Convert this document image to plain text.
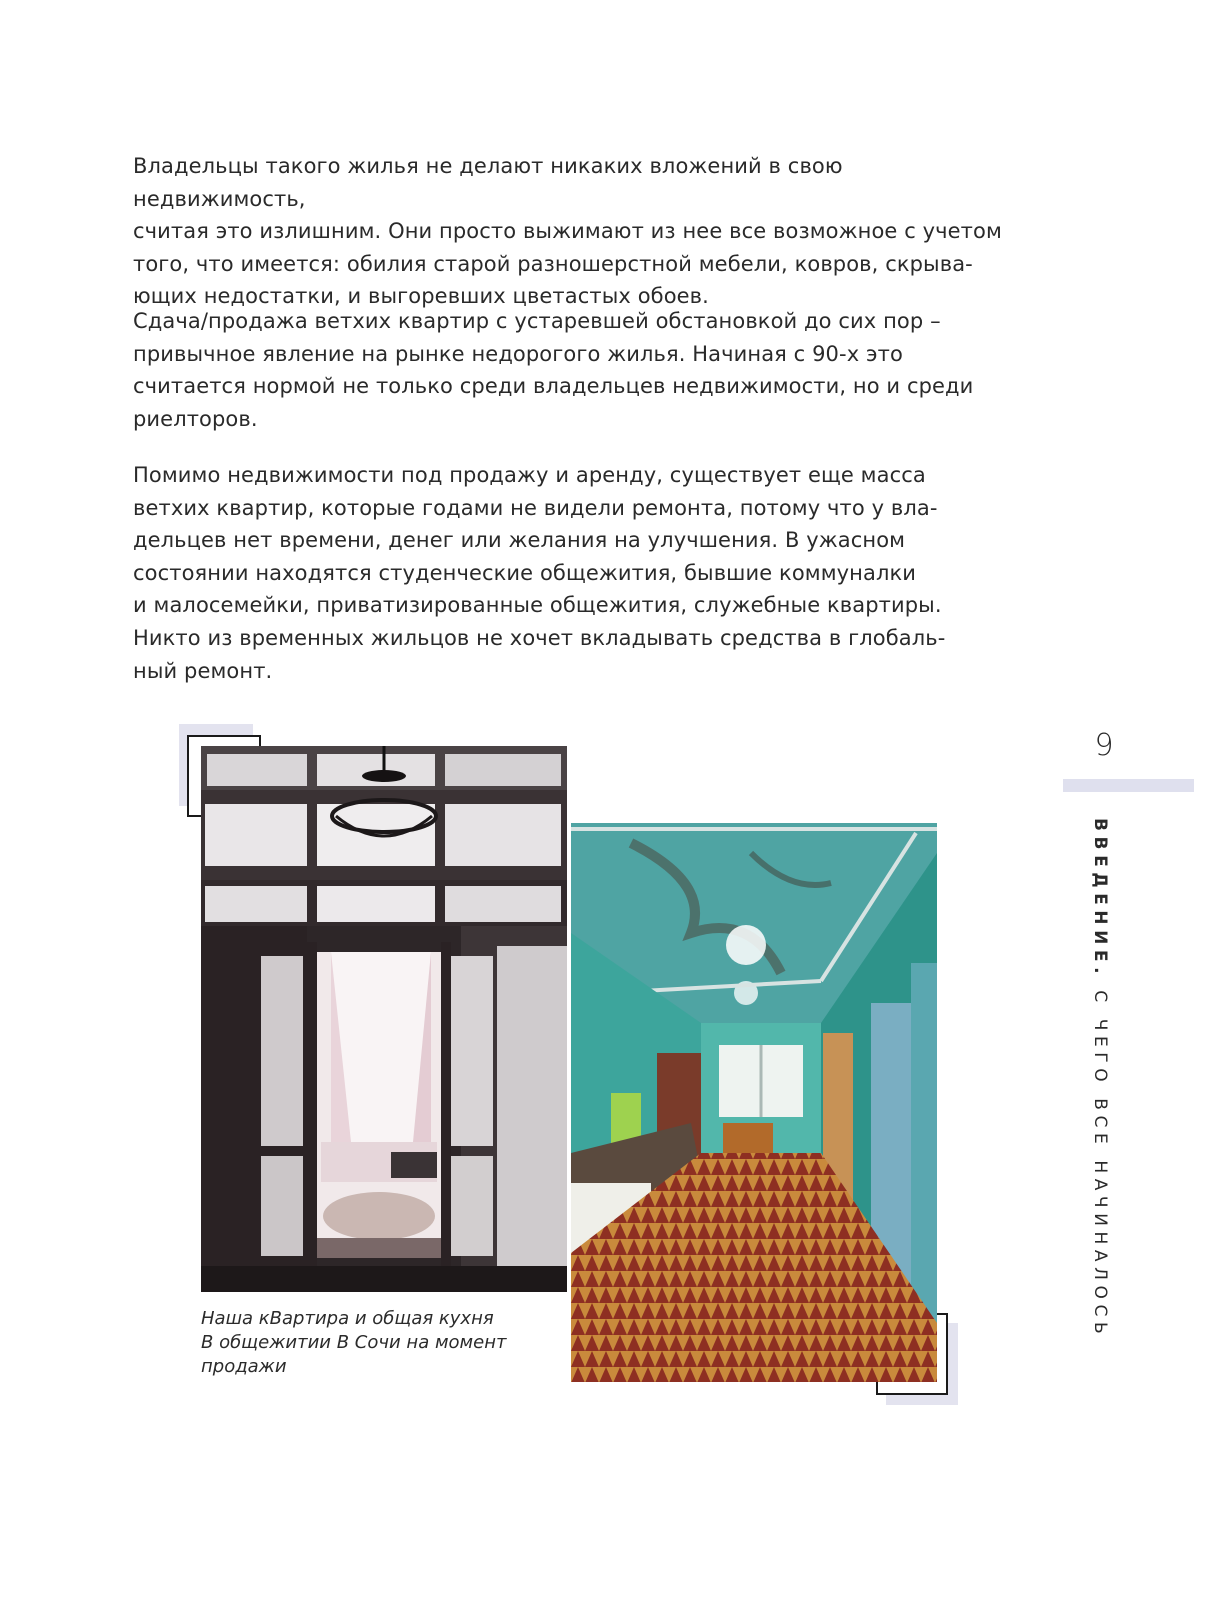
Владельцы такого жилья не делают никаких вложений в свою недвижимость,
считая это излишним. Они просто выжимают из нее все возможное с учетом
того, что имеется: обилия старой разношерстной мебели, ковров, скрыва-
ющих недостатки, и выгоревших цветастых обоев.

Сдача/продажа ветхих квартир с устаревшей обстановкой до сих пор –
привычное явление на рынке недорогого жилья. Начиная с 90-х это
считается нормой не только среди владельцев недвижимости, но и среди
риелторов.

Помимо недвижимости под продажу и аренду, существует еще масса
ветхих квартир, которые годами не видели ремонта, потому что у вла-
дельцев нет времени, денег или желания на улучшения. В ужасном
состоянии находятся студенческие общежития, бывшие коммуналки
и малосемейки, приватизированные общежития, служебные квартиры.
Никто из временных жильцов не хочет вкладывать средства в глобаль-
ный ремонт.

Наша кВартира и общая кухня
В общежитии В Сочи на момент
продажи
9
ВВЕДЕНИЕ. С ЧЕГО ВСЕ НАЧИНАЛОСЬ
